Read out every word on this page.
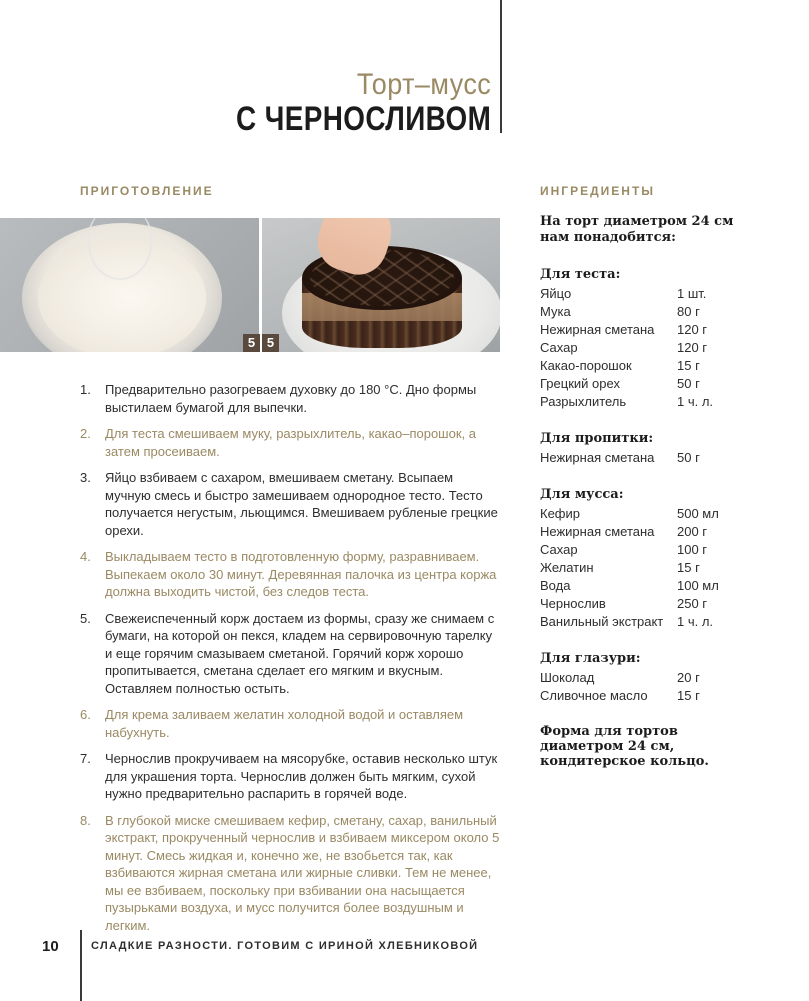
Торт–мусс
С ЧЕРНОСЛИВОМ
ПРИГОТОВЛЕНИЕ	ИНГРЕДИЕНТЫ
5 5
1. Предварительно разогреваем духовку до 180 °С. Дно формы выстилаем бумагой для выпечки.
2. Для теста смешиваем муку, разрыхлитель, какао–порошок, а затем просеиваем.
3. Яйцо взбиваем с сахаром, вмешиваем сметану. Всыпаем мучную смесь и быстро замешиваем однородное тесто. Тесто получается негустым, льющимся. Вмешиваем рубленые грецкие орехи.
4. Выкладываем тесто в подготовленную форму, разравниваем. Выпекаем около 30 минут. Деревянная палочка из центра коржа должна выходить чистой, без следов теста.
5. Свежеиспеченный корж достаем из формы, сразу же снимаем с бумаги, на которой он пекся, кладем на сервировочную тарелку и еще горячим смазываем сметаной. Горячий корж хорошо пропитывается, сметана сделает его мягким и вкусным. Оставляем полностью остыть.
6. Для крема заливаем желатин холодной водой и оставляем набухнуть.
7. Чернослив прокручиваем на мясорубке, оставив несколько штук для украшения торта. Чернослив должен быть мягким, сухой нужно предварительно распарить в горячей воде.
8. В глубокой миске смешиваем кефир, сметану, сахар, ванильный экстракт, прокрученный чернослив и взбиваем миксером около 5 минут. Смесь жидкая и, конечно же, не взобьется так, как взбиваются жирная сметана или жирные сливки. Тем не менее, мы ее взбиваем, поскольку при взбивании она насыщается пузырьками воздуха, и мусс получится более воздушным и легким.
На торт диаметром 24 см нам понадобится:
Для теста:
Яйцо	1 шт.
Мука	80 г
Нежирная сметана	120 г
Сахар	120 г
Какао-порошок	15 г
Грецкий орех	50 г
Разрыхлитель	1 ч. л.
Для пропитки:
Нежирная сметана	50 г
Для мусса:
Кефир	500 мл
Нежирная сметана	200 г
Сахар	100 г
Желатин	15 г
Вода	100 мл
Чернослив	250 г
Ванильный экстракт	1 ч. л.
Для глазури:
Шоколад	20 г
Сливочное масло	15 г
Форма для тортов диаметром 24 см, кондитерское кольцо.
10	СЛАДКИЕ РАЗНОСТИ. ГОТОВИМ С ИРИНОЙ ХЛЕБНИКОВОЙ
